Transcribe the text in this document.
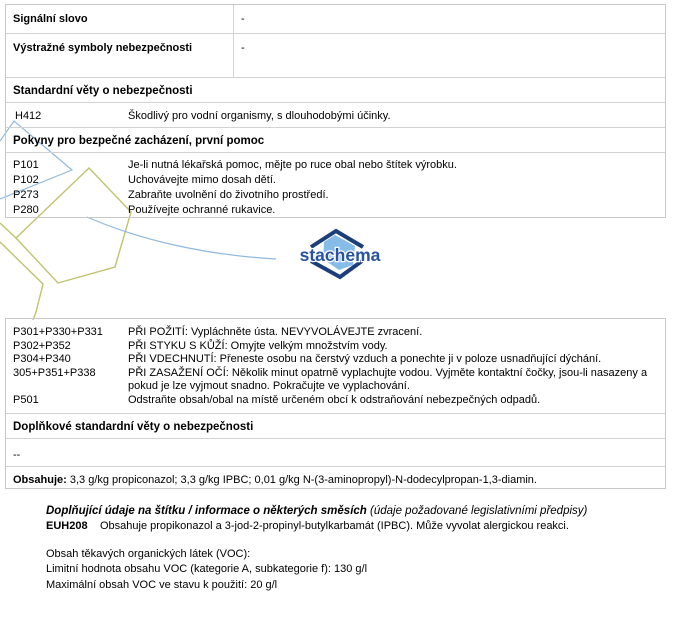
stachema
Signální slovo	-
Výstražné symboly nebezpečnosti	-
Standardní věty o nebezpečnosti
H412	Škodlivý pro vodní organismy, s dlouhodobými účinky.
Pokyny pro bezpečné zacházení, první pomoc
P101	Je-li nutná lékařská pomoc, mějte po ruce obal nebo štítek výrobku.
P102	Uchovávejte mimo dosah dětí.
P273	Zabraňte uvolnění do životního prostředí.
P280	Používejte ochranné rukavice.
P301+P330+P331	PŘI POŽITÍ: Vypláchněte ústa. NEVYVOLÁVEJTE zvracení.
P302+P352	PŘI STYKU S KŮŽÍ: Omyjte velkým množstvím vody.
P304+P340	PŘI VDECHNUTÍ: Přeneste osobu na čerstvý vzduch a ponechte ji v poloze usnadňující dýchání.
305+P351+P338	PŘI ZASAŽENÍ OČÍ: Několik minut opatrně vyplachujte vodou. Vyjměte kontaktní čočky, jsou-li nasazeny a pokud je lze vyjmout snadno. Pokračujte ve vyplachování.
P501	Odstraňte obsah/obal na místě určeném obcí k odstraňování nebezpečných odpadů.
Doplňkové standardní věty o nebezpečnosti
--
Obsahuje: 3,3 g/kg propiconazol; 3,3 g/kg IPBC; 0,01 g/kg N-(3-aminopropyl)-N-dodecylpropan-1,3-diamin.
Doplňující údaje na štítku / informace o některých směsích (údaje požadované legislativními předpisy)
EUH208 Obsahuje propikonazol a 3-jod-2-propinyl-butylkarbamát (IPBC). Může vyvolat alergickou reakci.
Obsah těkavých organických látek (VOC):
Limitní hodnota obsahu VOC (kategorie A, subkategorie f): 130 g/l
Maximální obsah VOC ve stavu k použití: 20 g/l
